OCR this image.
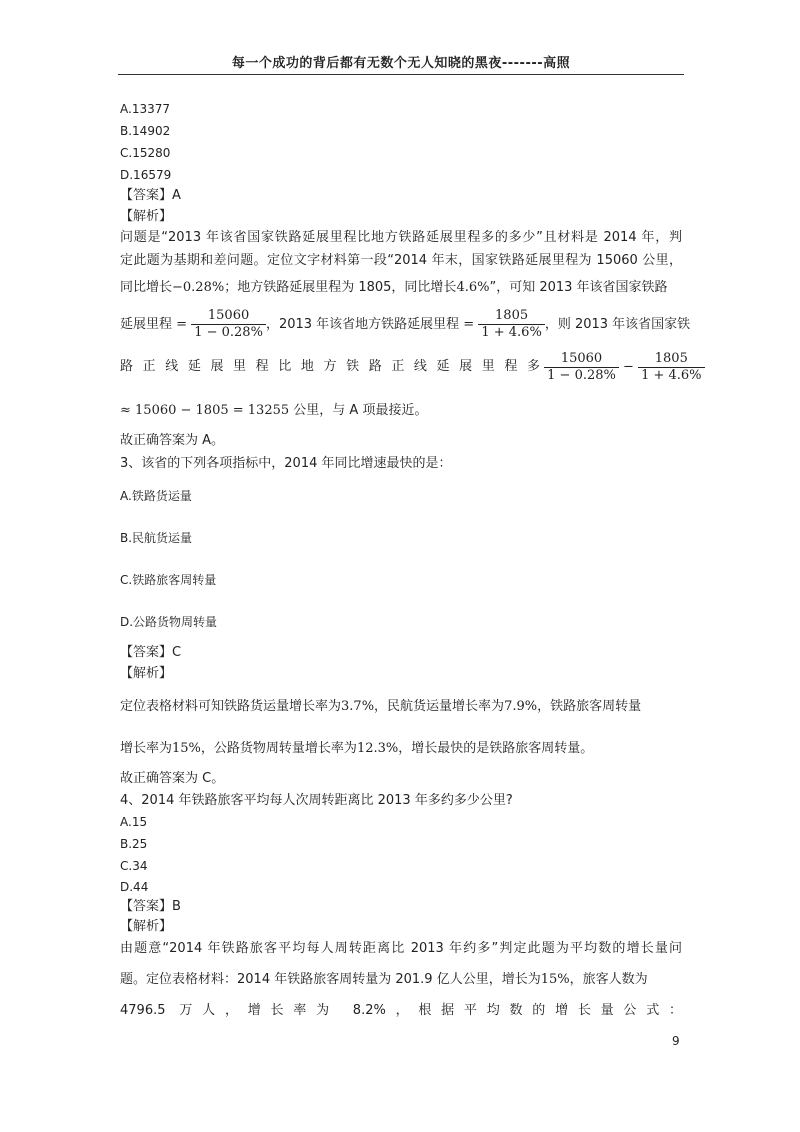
每一个成功的背后都有无数个无人知晓的黑夜-------高照
A.13377
B.14902
C.15280
D.16579
【答案】A
【解析】
问题是“2013 年该省国家铁路延展里程比地方铁路延展里程多的多少”且材料是 2014 年，判
定此题为基期和差问题。定位文字材料第一段“2014 年末，国家铁路延展里程为 15060 公里，
同比增长−0.28%；地方铁路延展里程为 1805，同比增长4.6%”，可知 2013 年该省国家铁路
延展里程 = $\frac{15060}{1 - 0.28\%}$ ，2013 年该省地方铁路延展里程 = $\frac{1805}{1 + 4.6\%}$ ，则 2013 年该省国家铁
路正线延展里程比地方铁路正线延展里程多 $\frac{15060}{1 - 0.28\%} - \frac{1805}{1 + 4.6\%}$
≈ 15060 − 1805 = 13255 公里，与 A 项最接近。
故正确答案为 A。
3、该省的下列各项指标中，2014 年同比增速最快的是：
A.铁路货运量
B.民航货运量
C.铁路旅客周转量
D.公路货物周转量
【答案】C
【解析】
定位表格材料可知铁路货运量增长率为3.7%，民航货运量增长率为7.9%，铁路旅客周转量
增长率为15%，公路货物周转量增长率为12.3%，增长最快的是铁路旅客周转量。
故正确答案为 C。
4、2014 年铁路旅客平均每人次周转距离比 2013 年多约多少公里?
A.15
B.25
C.34
D.44
【答案】B
【解析】
由题意“2014 年铁路旅客平均每人周转距离比 2013 年约多”判定此题为平均数的增长量问
题。定位表格材料：2014 年铁路旅客周转量为 201.9 亿人公里，增长为15%，旅客人数为
4796.5 万人，增长率为 8.2%，根据平均数的增长量公式：
9
